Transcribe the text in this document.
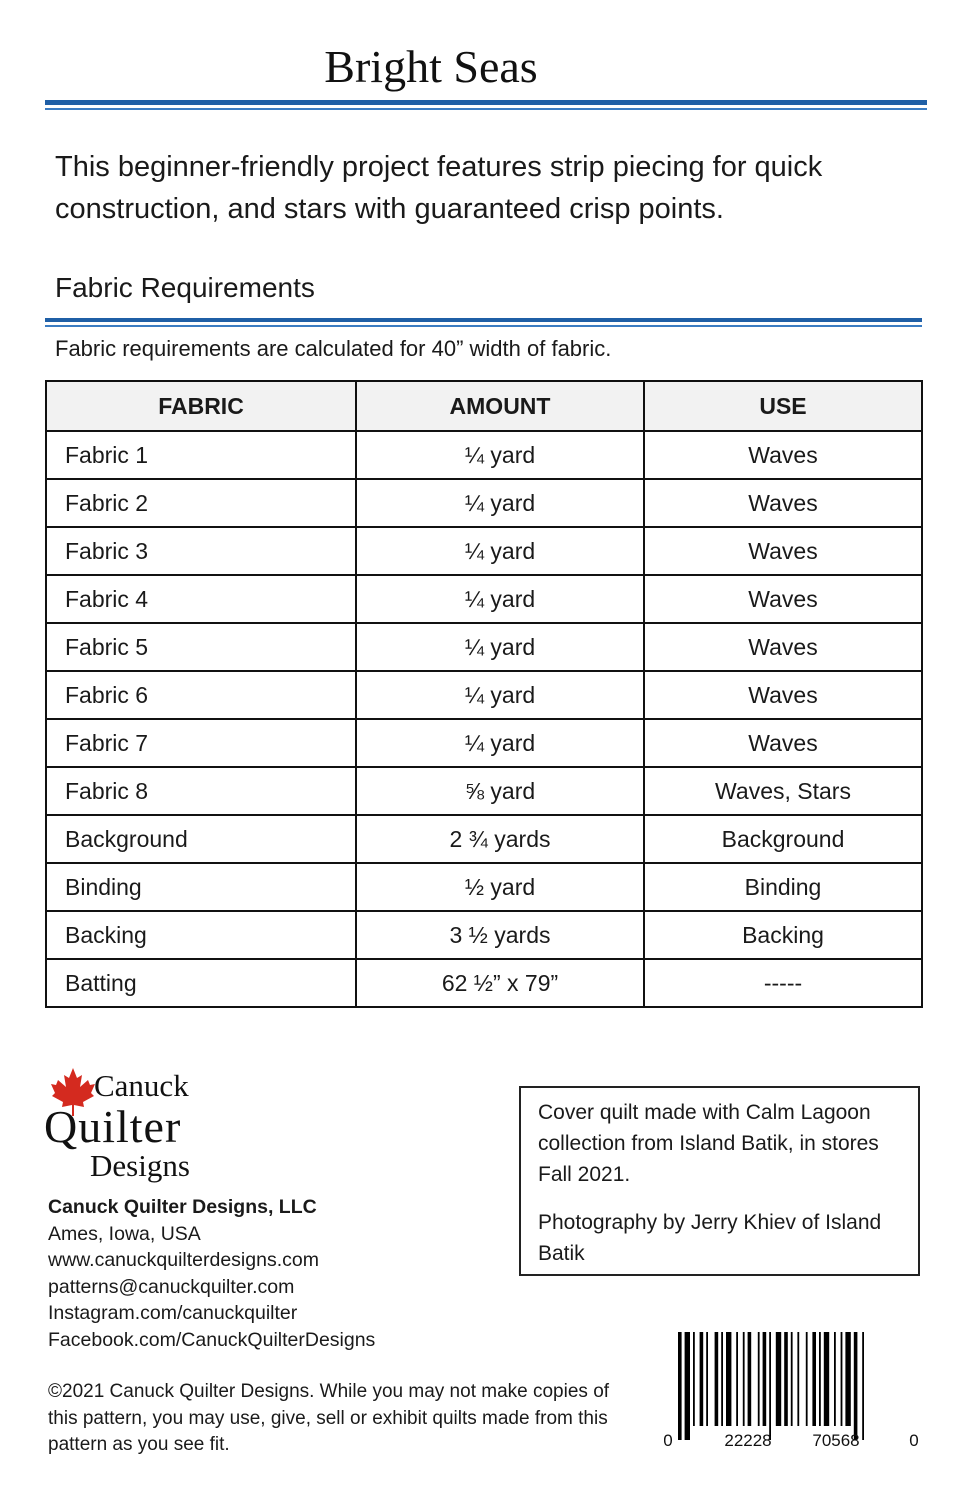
Bright Seas
This beginner-friendly project features strip piecing for quick construction, and stars with guaranteed crisp points.
Fabric Requirements
Fabric requirements are calculated for 40” width of fabric.
FABRIC	AMOUNT	USE
Fabric 1	¼ yard	Waves
Fabric 2	¼ yard	Waves
Fabric 3	¼ yard	Waves
Fabric 4	¼ yard	Waves
Fabric 5	¼ yard	Waves
Fabric 6	¼ yard	Waves
Fabric 7	¼ yard	Waves
Fabric 8	⅝ yard	Waves, Stars
Background	2 ¾ yards	Background
Binding	½ yard	Binding
Backing	3 ½ yards	Backing
Batting	62 ½” x 79”	-----
Canuck
Quilter
Designs
Canuck Quilter Designs, LLC
Ames, Iowa, USA
www.canuckquilterdesigns.com
patterns@canuckquilter.com
Instagram.com/canuckquilter
Facebook.com/CanuckQuilterDesigns
©2021 Canuck Quilter Designs. While you may not make copies of this pattern, you may use, give, sell or exhibit quilts made from this pattern as you see fit.

Cover quilt made with Calm Lagoon collection from Island Batik, in stores Fall 2021.

Photography by Jerry Khiev of Island Batik

0	22228 70568	0
